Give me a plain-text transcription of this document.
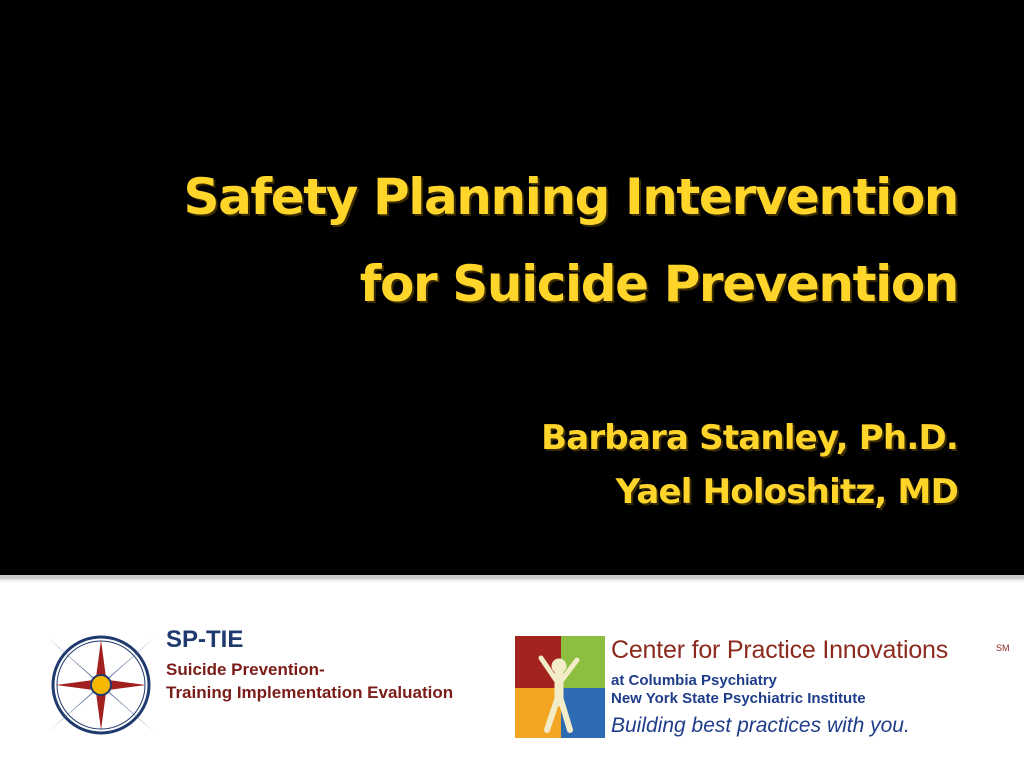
Safety Planning Intervention
for Suicide Prevention
Barbara Stanley, Ph.D.
Yael Holoshitz, MD
SP-TIE
Suicide Prevention-
Training Implementation Evaluation
Center for Practice Innovations	SM
at Columbia Psychiatry
New York State Psychiatric Institute
Building best practices with you.
